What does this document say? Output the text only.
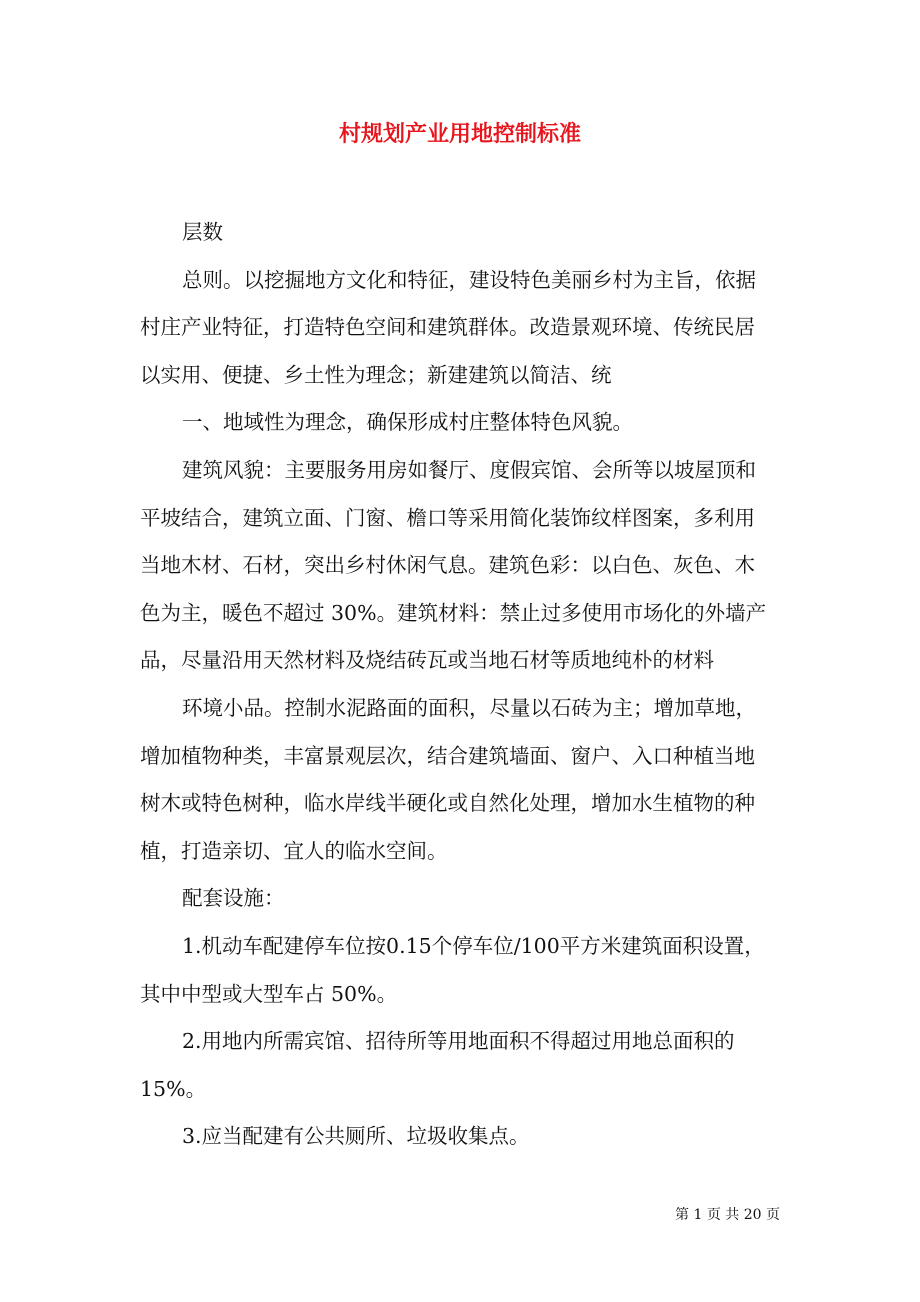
村规划产业用地控制标准
层数
总则。以挖掘地方文化和特征，建设特色美丽乡村为主旨，依据
村庄产业特征，打造特色空间和建筑群体。改造景观环境、传统民居
以实用、便捷、乡土性为理念；新建建筑以简洁、统
一、地域性为理念，确保形成村庄整体特色风貌。
建筑风貌：主要服务用房如餐厅、度假宾馆、会所等以坡屋顶和
平坡结合，建筑立面、门窗、檐口等采用简化装饰纹样图案，多利用
当地木材、石材，突出乡村休闲气息。建筑色彩：以白色、灰色、木
色为主，暖色不超过 30%。建筑材料：禁止过多使用市场化的外墙产
品，尽量沿用天然材料及烧结砖瓦或当地石材等质地纯朴的材料
环境小品。控制水泥路面的面积，尽量以石砖为主；增加草地，
增加植物种类，丰富景观层次，结合建筑墙面、窗户、入口种植当地
树木或特色树种，临水岸线半硬化或自然化处理，增加水生植物的种
植，打造亲切、宜人的临水空间。
配套设施：
1.机动车配建停车位按0.15个停车位/100平方米建筑面积设置，
其中中型或大型车占 50%。
2.用地内所需宾馆、招待所等用地面积不得超过用地总面积的
15%。
3.应当配建有公共厕所、垃圾收集点。
第 1 页 共 20 页
